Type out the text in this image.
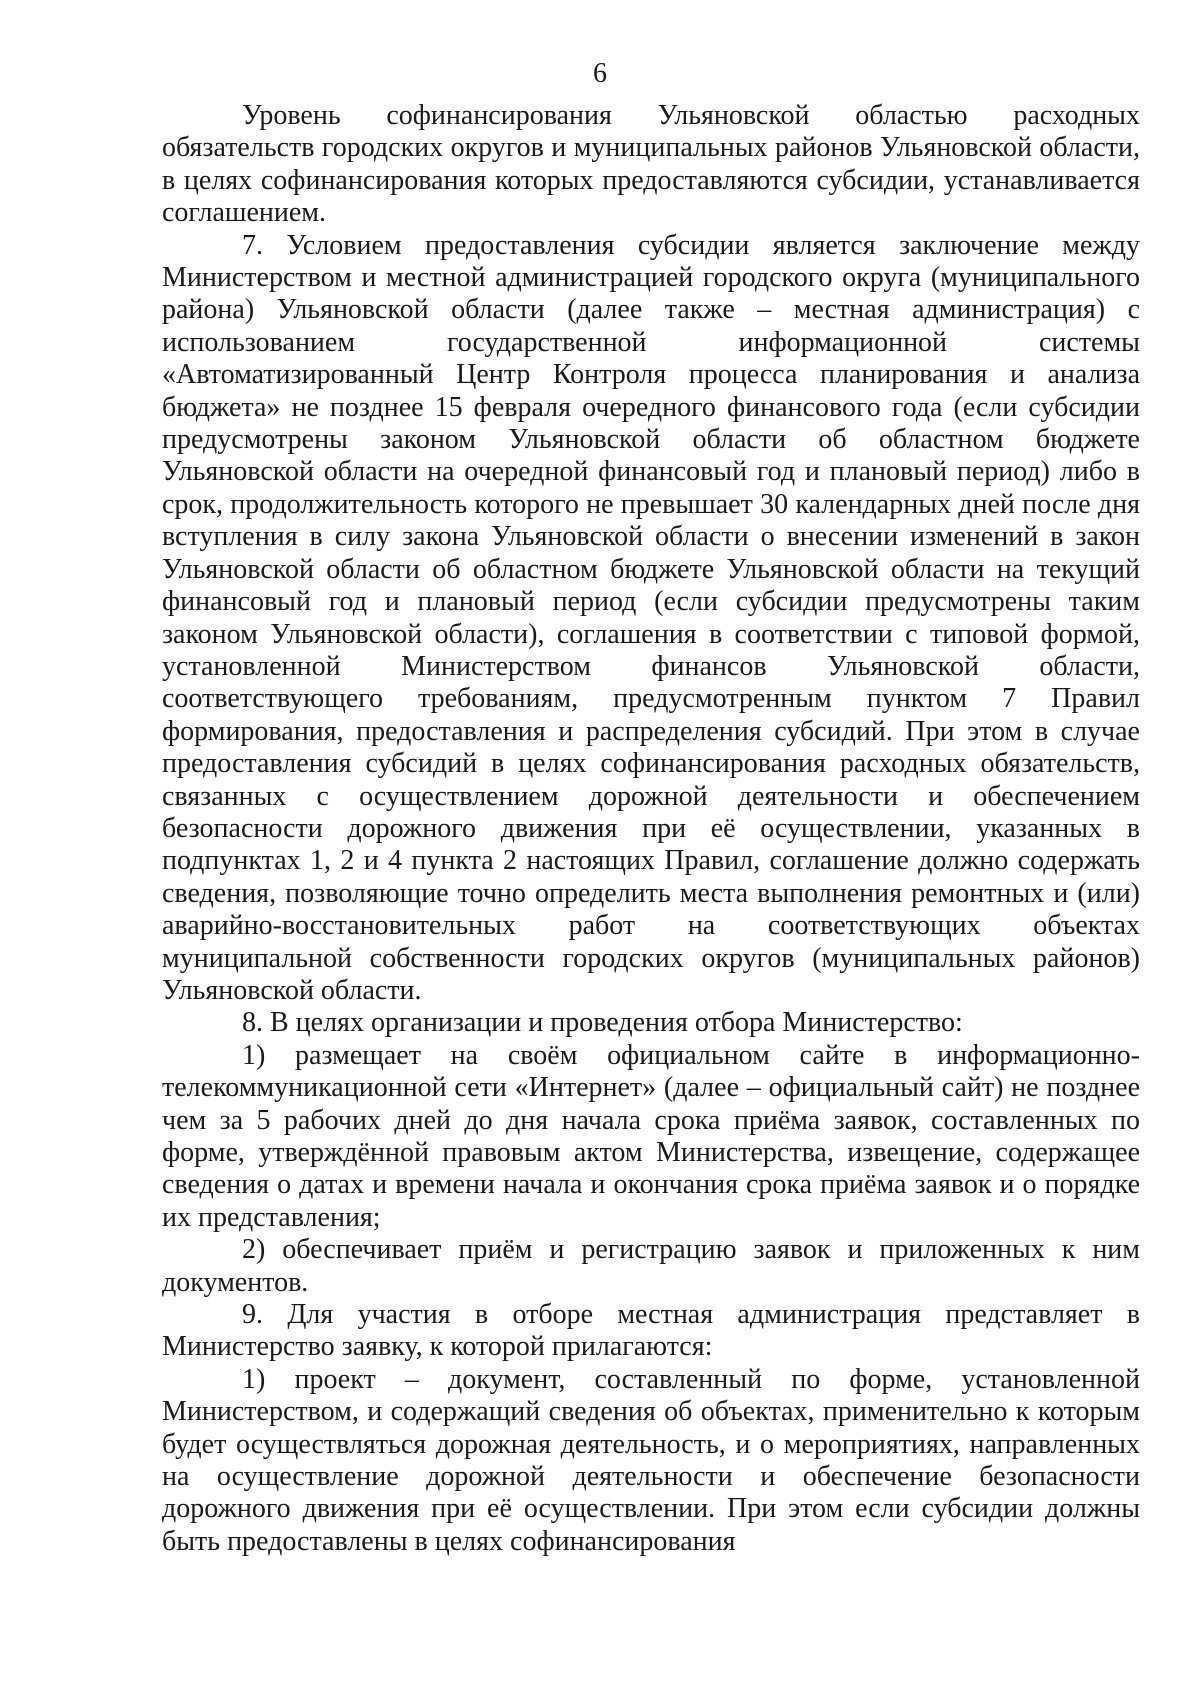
6

Уровень софинансирования Ульяновской областью расходных обязательств городских округов и муниципальных районов Ульяновской области, в целях софинансирования которых предоставляются субсидии, устанавливается соглашением.

7. Условием предоставления субсидии является заключение между Министерством и местной администрацией городского округа (муниципального района) Ульяновской области (далее также – местная администрация) с использованием государственной информационной системы «Автоматизированный Центр Контроля процесса планирования и анализа бюджета» не позднее 15 февраля очередного финансового года (если субсидии предусмотрены законом Ульяновской области об областном бюджете Ульяновской области на очередной финансовый год и плановый период) либо в срок, продолжительность которого не превышает 30 календарных дней после дня вступления в силу закона Ульяновской области о внесении изменений в закон Ульяновской области об областном бюджете Ульяновской области на текущий финансовый год и плановый период (если субсидии предусмотрены таким законом Ульяновской области), соглашения в соответствии с типовой формой, установленной Министерством финансов Ульяновской области, соответствующего требованиям, предусмотренным пунктом 7 Правил формирования, предоставления и распределения субсидий. При этом в случае предоставления субсидий в целях софинансирования расходных обязательств, связанных с осуществлением дорожной деятельности и обеспечением безопасности дорожного движения при её осуществлении, указанных в подпунктах 1, 2 и 4 пункта 2 настоящих Правил, соглашение должно содержать сведения, позволяющие точно определить места выполнения ремонтных и (или) аварийно-восстановительных работ на соответствующих объектах муниципальной собственности городских округов (муниципальных районов) Ульяновской области.

8. В целях организации и проведения отбора Министерство:

1) размещает на своём официальном сайте в информационно-телекоммуникационной сети «Интернет» (далее – официальный сайт) не позднее чем за 5 рабочих дней до дня начала срока приёма заявок, составленных по форме, утверждённой правовым актом Министерства, извещение, содержащее сведения о датах и времени начала и окончания срока приёма заявок и о порядке их представления;

2) обеспечивает приём и регистрацию заявок и приложенных к ним документов.

9. Для участия в отборе местная администрация представляет в Министерство заявку, к которой прилагаются:

1) проект – документ, составленный по форме, установленной Министерством, и содержащий сведения об объектах, применительно к которым будет осуществляться дорожная деятельность, и о мероприятиях, направленных на осуществление дорожной деятельности и обеспечение безопасности дорожного движения при её осуществлении. При этом если субсидии должны быть предоставлены в целях софинансирования
